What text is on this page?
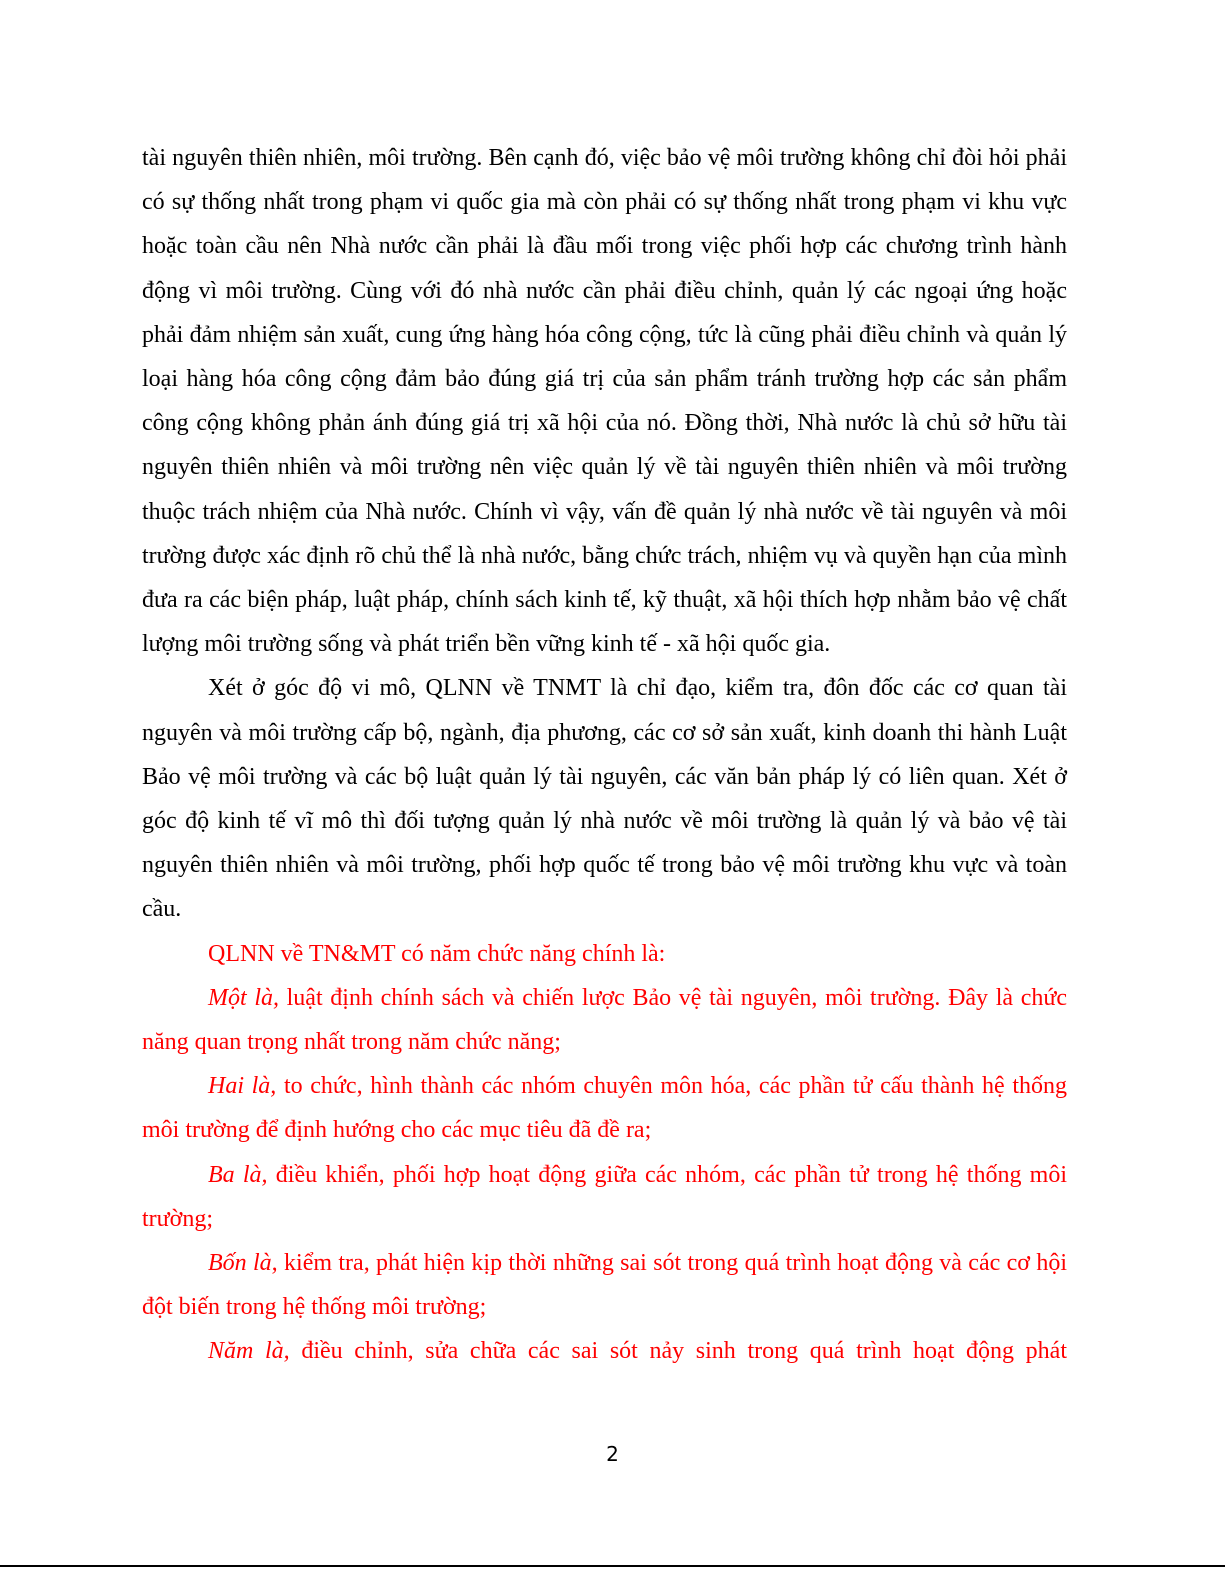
tài nguyên thiên nhiên, môi trường. Bên cạnh đó, việc bảo vệ môi trường không chỉ đòi hỏi phải có sự thống nhất trong phạm vi quốc gia mà còn phải có sự thống nhất trong phạm vi khu vực hoặc toàn cầu nên Nhà nước cần phải là đầu mối trong việc phối hợp các chương trình hành động vì môi trường. Cùng với đó nhà nước cần phải điều chỉnh, quản lý các ngoại ứng hoặc phải đảm nhiệm sản xuất, cung ứng hàng hóa công cộng, tức là cũng phải điều chỉnh và quản lý loại hàng hóa công cộng đảm bảo đúng giá trị của sản phẩm tránh trường hợp các sản phẩm công cộng không phản ánh đúng giá trị xã hội của nó. Đồng thời, Nhà nước là chủ sở hữu tài nguyên thiên nhiên và môi trường nên việc quản lý về tài nguyên thiên nhiên và môi trường thuộc trách nhiệm của Nhà nước. Chính vì vậy, vấn đề quản lý nhà nước về tài nguyên và môi trường được xác định rõ chủ thể là nhà nước, bằng chức trách, nhiệm vụ và quyền hạn của mình đưa ra các biện pháp, luật pháp, chính sách kinh tế, kỹ thuật, xã hội thích hợp nhằm bảo vệ chất lượng môi trường sống và phát triển bền vững kinh tế - xã hội quốc gia.

Xét ở góc độ vi mô, QLNN về TNMT là chỉ đạo, kiểm tra, đôn đốc các cơ quan tài nguyên và môi trường cấp bộ, ngành, địa phương, các cơ sở sản xuất, kinh doanh thi hành Luật Bảo vệ môi trường và các bộ luật quản lý tài nguyên, các văn bản pháp lý có liên quan. Xét ở góc độ kinh tế vĩ mô thì đối tượng quản lý nhà nước về môi trường là quản lý và bảo vệ tài nguyên thiên nhiên và môi trường, phối hợp quốc tế trong bảo vệ môi trường khu vực và toàn cầu.

QLNN về TN&MT có năm chức năng chính là:

Một là, luật định chính sách và chiến lược Bảo vệ tài nguyên, môi trường. Đây là chức năng quan trọng nhất trong năm chức năng;

Hai là, to chức, hình thành các nhóm chuyên môn hóa, các phần tử cấu thành hệ thống môi trường để định hướng cho các mục tiêu đã đề ra;

Ba là, điều khiển, phối hợp hoạt động giữa các nhóm, các phần tử trong hệ thống môi trường;

Bốn là, kiểm tra, phát hiện kịp thời những sai sót trong quá trình hoạt động và các cơ hội đột biến trong hệ thống môi trường;

Năm là, điều chỉnh, sửa chữa các sai sót nảy sinh trong quá trình hoạt động phát

2
